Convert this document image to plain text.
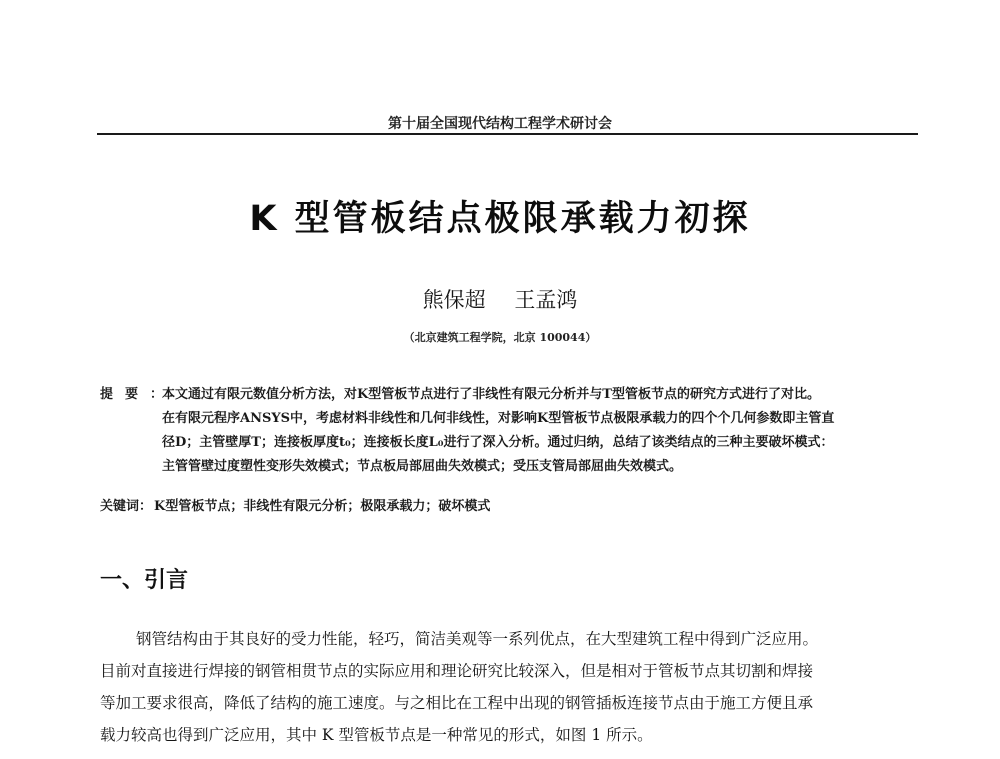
第十届全国现代结构工程学术研讨会
K 型管板结点极限承载力初探
熊保超 王孟鸿
（北京建筑工程学院，北京 100044）
提要：
本文通过有限元数值分析方法，对K型管板节点进行了非线性有限元分析并与T型管板节点的研究方式进行了对比。
在有限元程序ANSYS中，考虑材料非线性和几何非线性，对影响K型管板节点极限承载力的四个个几何参数即主管直
径D；主管壁厚T；连接板厚度t₀；连接板长度L₀进行了深入分析。通过归纳，总结了该类结点的三种主要破坏模式：
主管管壁过度塑性变形失效模式；节点板局部屈曲失效模式；受压支管局部屈曲失效模式。
关键词： K型管板节点；非线性有限元分析；极限承载力；破坏模式
一、引言
钢管结构由于其良好的受力性能，轻巧，简洁美观等一系列优点，在大型建筑工程中得到广泛应用。
目前对直接进行焊接的钢管相贯节点的实际应用和理论研究比较深入，但是相对于管板节点其切割和焊接
等加工要求很高，降低了结构的施工速度。与之相比在工程中出现的钢管插板连接节点由于施工方便且承
载力较高也得到广泛应用，其中 K 型管板节点是一种常见的形式，如图 1 所示。
